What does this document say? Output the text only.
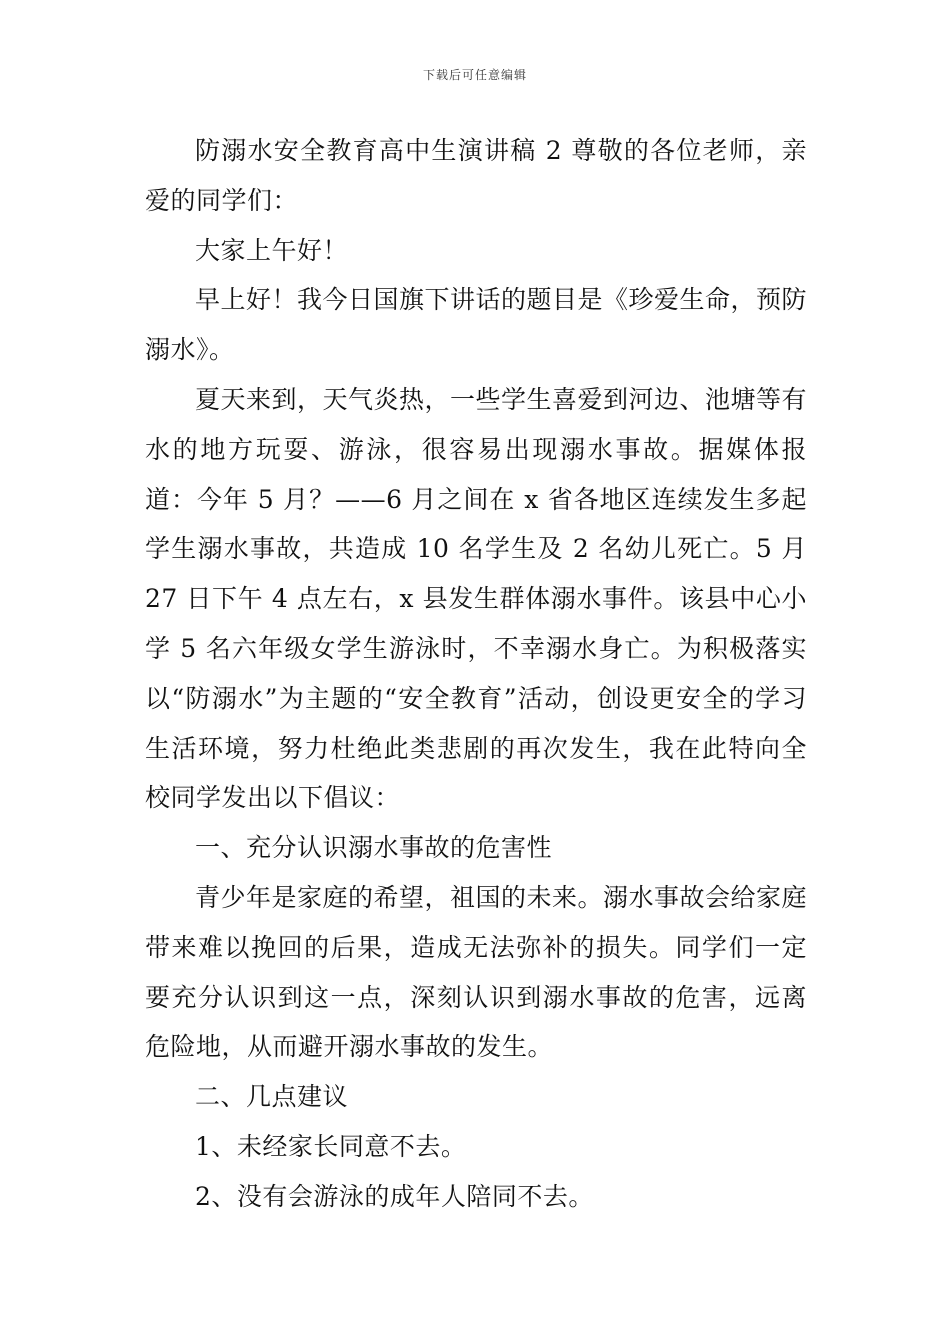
下载后可任意编辑

防溺水安全教育高中生演讲稿 2 尊敬的各位老师，亲爱的同学们：

大家上午好！

早上好！我今日国旗下讲话的题目是《珍爱生命，预防溺水》。

夏天来到，天气炎热，一些学生喜爱到河边、池塘等有水的地方玩耍、游泳，很容易出现溺水事故。据媒体报道：今年 5 月？——6 月之间在 x 省各地区连续发生多起学生溺水事故，共造成 10 名学生及 2 名幼儿死亡。5 月 27 日下午 4 点左右，x 县发生群体溺水事件。该县中心小学 5 名六年级女学生游泳时，不幸溺水身亡。为积极落实以“防溺水”为主题的“安全教育”活动，创设更安全的学习生活环境，努力杜绝此类悲剧的再次发生，我在此特向全校同学发出以下倡议：

一、充分认识溺水事故的危害性

青少年是家庭的希望，祖国的未来。溺水事故会给家庭带来难以挽回的后果，造成无法弥补的损失。同学们一定要充分认识到这一点，深刻认识到溺水事故的危害，远离危险地，从而避开溺水事故的发生。

二、几点建议

1、未经家长同意不去。

2、没有会游泳的成年人陪同不去。
